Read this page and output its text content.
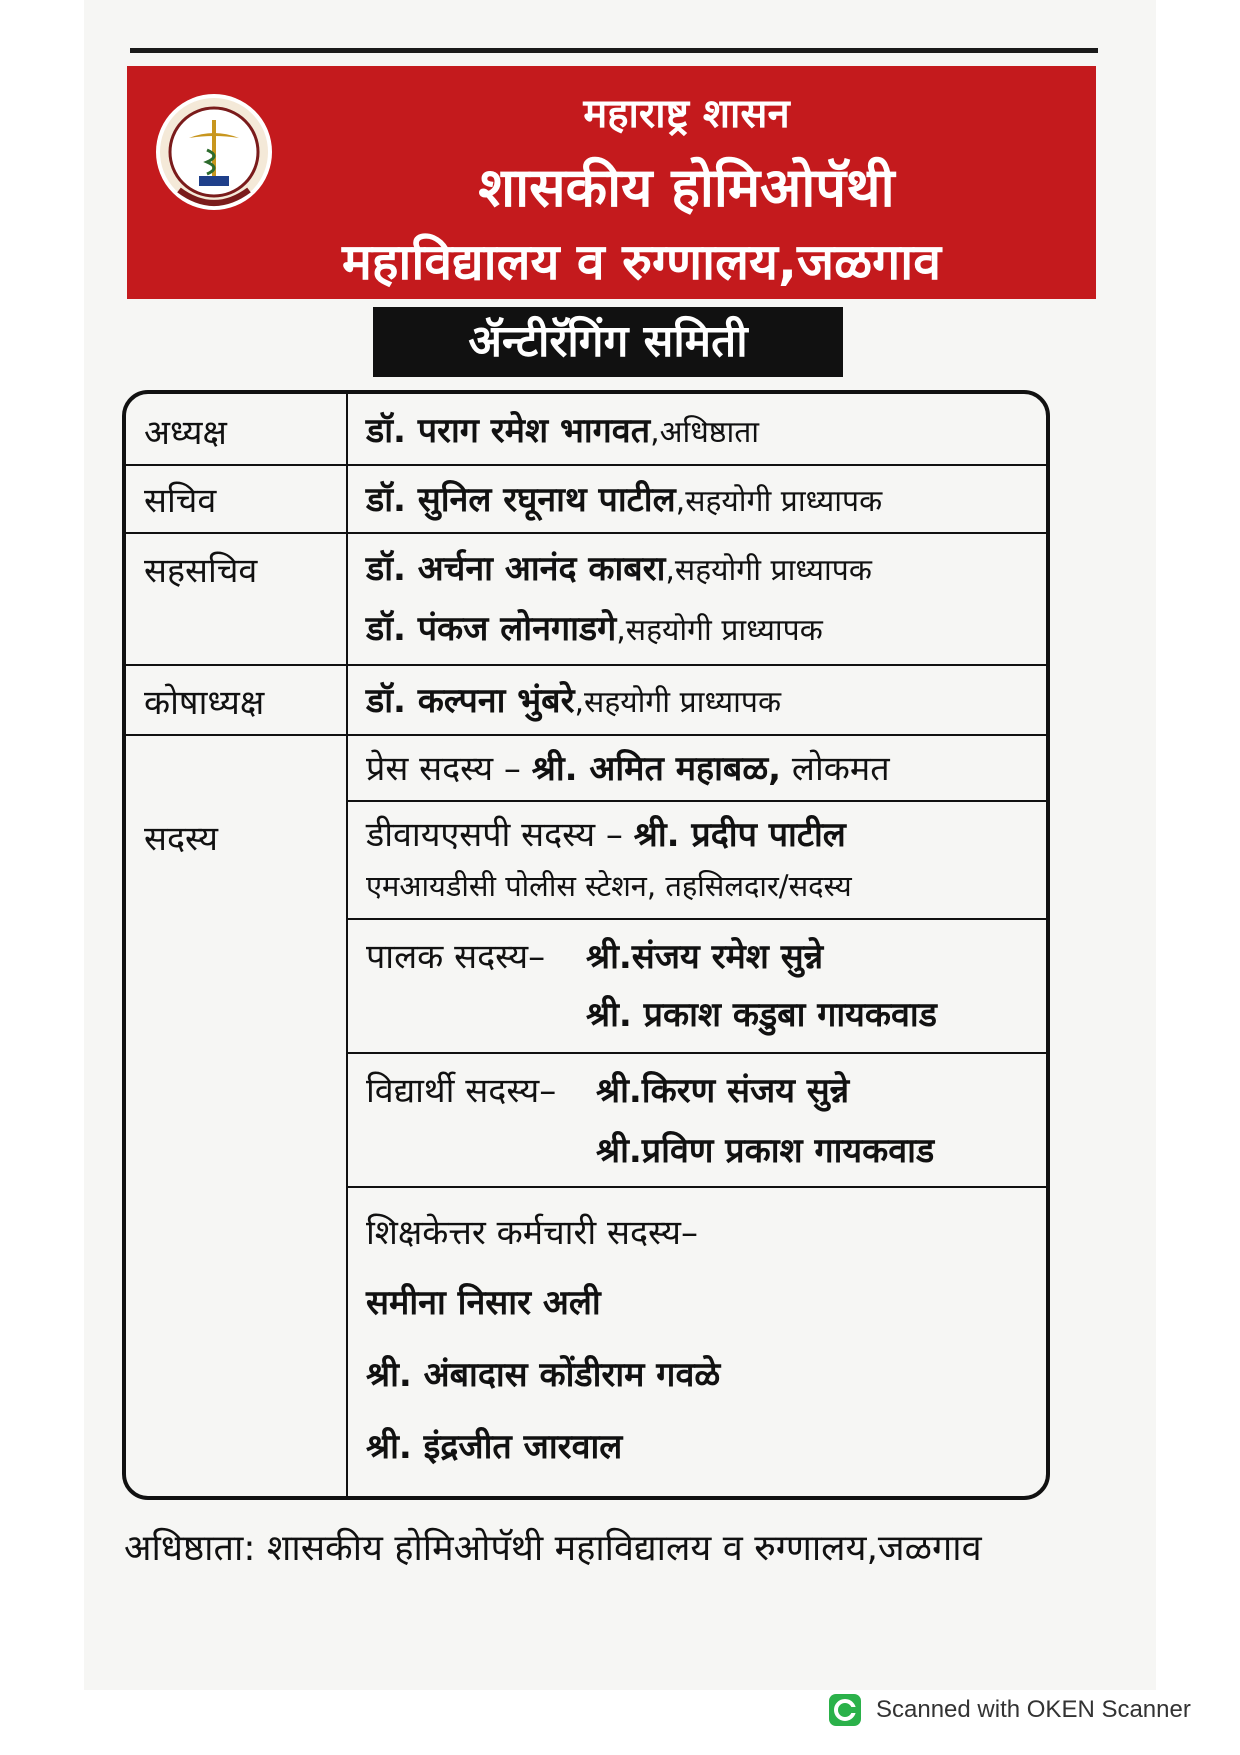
महाराष्ट्र शासन
शासकीय होमिओपॅथी
महाविद्यालय व रुग्णालय,जळगाव
ॲन्टीरॅगिंग समिती
अध्यक्ष	डॉ. पराग रमेश भागवत,अधिष्ठाता
सचिव	डॉ. सुनिल रघूनाथ पाटील,सहयोगी प्राध्यापक
सहसचिव	डॉ. अर्चना आनंद काबरा,सहयोगी प्राध्यापक
डॉ. पंकज लोनगाडगे,सहयोगी प्राध्यापक
कोषाध्यक्ष	डॉ. कल्पना भुंबरे,सहयोगी प्राध्यापक
सदस्य
प्रेस सदस्य – श्री. अमित महाबळ, लोकमत
डीवायएसपी सदस्य – श्री. प्रदीप पाटील
एमआयडीसी पोलीस स्टेशन, तहसिलदार/सदस्य
पालक सदस्य– श्री.संजय रमेश सुन्ने
श्री. प्रकाश कडुबा गायकवाड
विद्यार्थी सदस्य– श्री.किरण संजय सुन्ने
श्री.प्रविण प्रकाश गायकवाड
शिक्षकेत्तर कर्मचारी सदस्य–
समीना निसार अली
श्री. अंबादास कोंडीराम गवळे
श्री. इंद्रजीत जारवाल
अधिष्ठाता: शासकीय होमिओपॅथी महाविद्यालय व रुग्णालय,जळगाव
Scanned with OKEN Scanner
